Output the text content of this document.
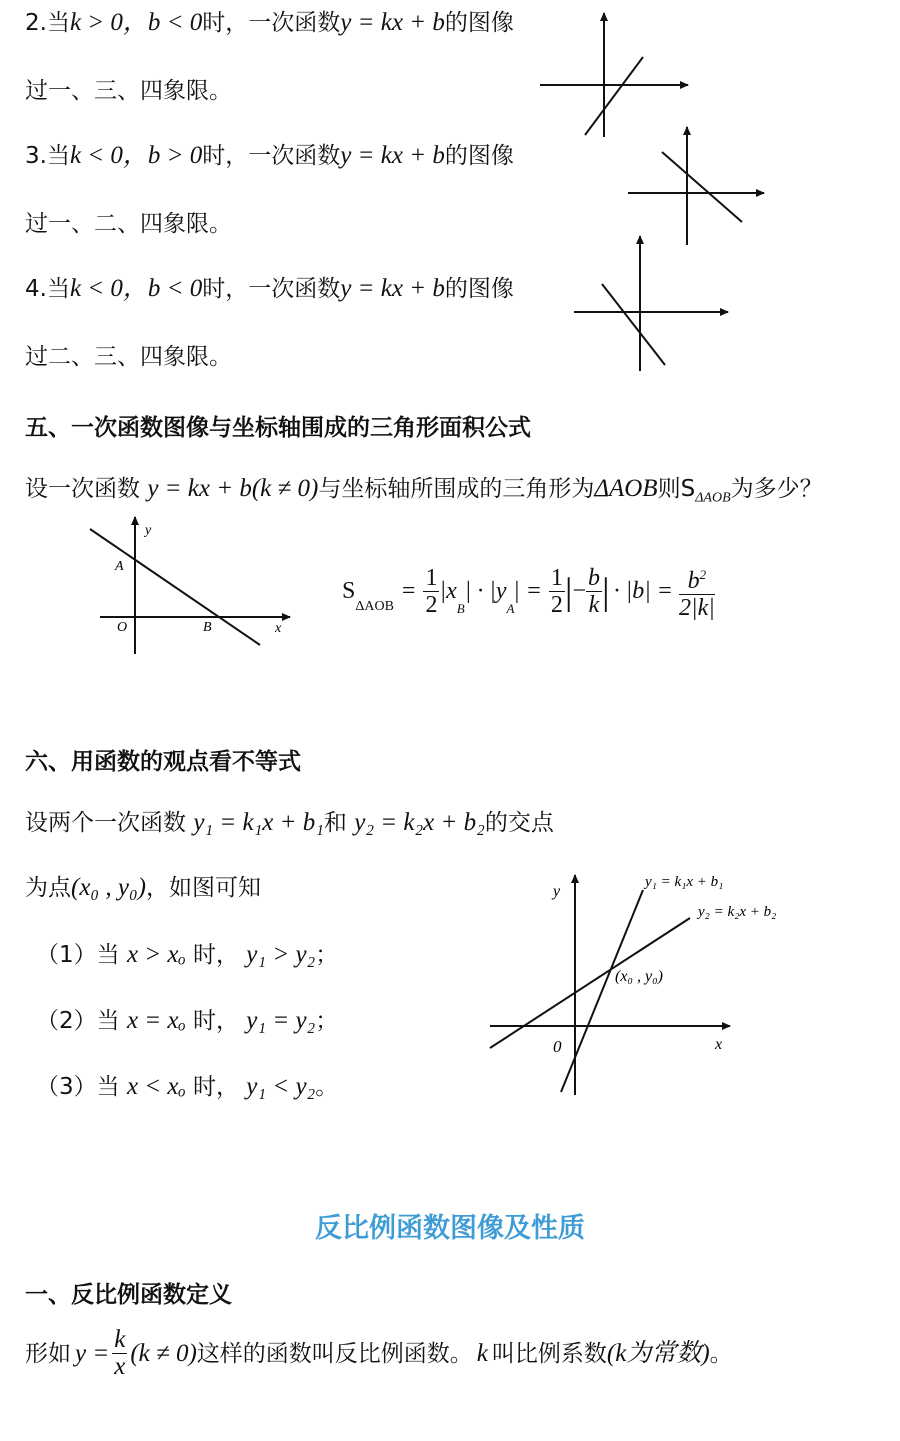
2.当k > 0，b < 0时，一次函数y = kx + b的图像
过一、三、四象限。
3.当k < 0，b > 0时，一次函数y = kx + b的图像
过一、二、四象限。
4.当k < 0，b < 0时，一次函数y = kx + b的图像
过二、三、四象限。
五、一次函数图像与坐标轴围成的三角形面积公式
设一次函数 y = kx + b(k ≠ 0)与坐标轴所围成的三角形为ΔAOB则$S_{\Delta AOB}$为多少？
y
x
A
O	B
S
$_{\Delta AOB}$
= $\frac{1}{2} |x$
$_B$
| · |y
$_A$
| = $\frac{1}{2}$ | − $\frac{b}{k}$ | · $|b| = \frac{b^2}{2|k|}$
六、用函数的观点看不等式
设两个一次函数 y₁ = k₁x + b₁和 y₂ = k₂x + b₂的交点
为点(x₀ , y₀)，如图可知
（1）当 x > xₒ 时， y₁ > y₂；
（2）当 x = xₒ 时， y₁ = y₂；
（3）当 x < xₒ 时， y₁ < y₂。
y
x
0
y₁ = k₁x + b₁
y₂ = k₂x + b₂
(x₀ , y₀)
反比例函数图像及性质
一、反比例函数定义
形如 $y = \frac{k}{x} (k \ne 0)$ 这样的函数叫反比例函数。 k 叫比例系数 (k为常数) 。
